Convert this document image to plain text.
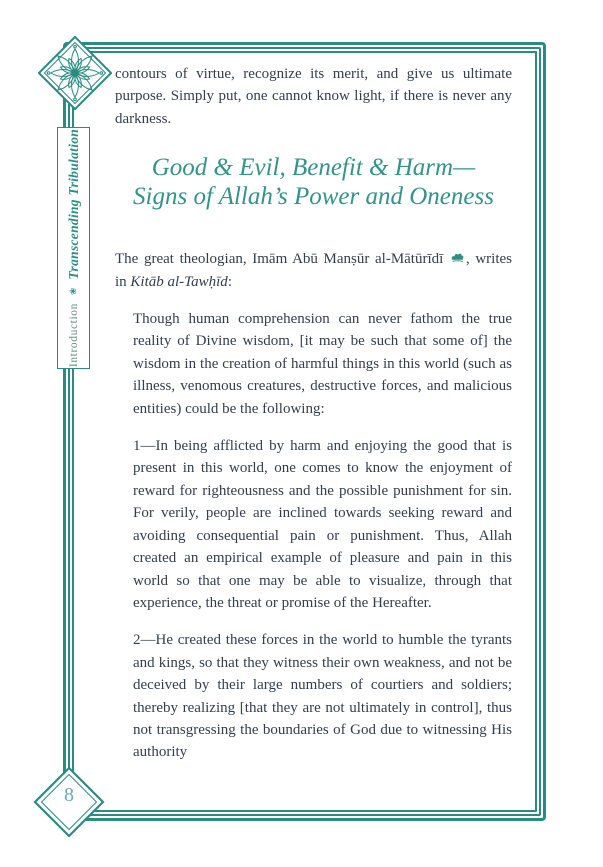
Introduction
❀
Transcending Tribulation
8

contours of virtue, recognize its merit, and give us ultimate purpose. Simply put, one cannot know light, if there is never any darkness.

Good & Evil, Benefit & Harm—
Signs of Allah’s Power and Oneness

The great theologian, Imām Abū Manṣūr al-Mātūrīdī , writes in Kitāb al-Tawḥīd:

Though human comprehension can never fathom the true reality of Divine wisdom, [it may be such that some of] the wisdom in the creation of harmful things in this world (such as illness, venomous creatures, destructive forces, and malicious entities) could be the following:

1—In being afflicted by harm and enjoying the good that is present in this world, one comes to know the enjoyment of reward for righteousness and the possible punishment for sin. For verily, people are inclined towards seeking reward and avoiding consequential pain or punishment. Thus, Allah created an empirical example of pleasure and pain in this world so that one may be able to visualize, through that experience, the threat or promise of the Hereafter.

2—He created these forces in the world to humble the tyrants and kings, so that they witness their own weakness, and not be deceived by their large numbers of courtiers and soldiers; thereby realizing [that they are not ultimately in control], thus not transgressing the boundaries of God due to witnessing His authority
